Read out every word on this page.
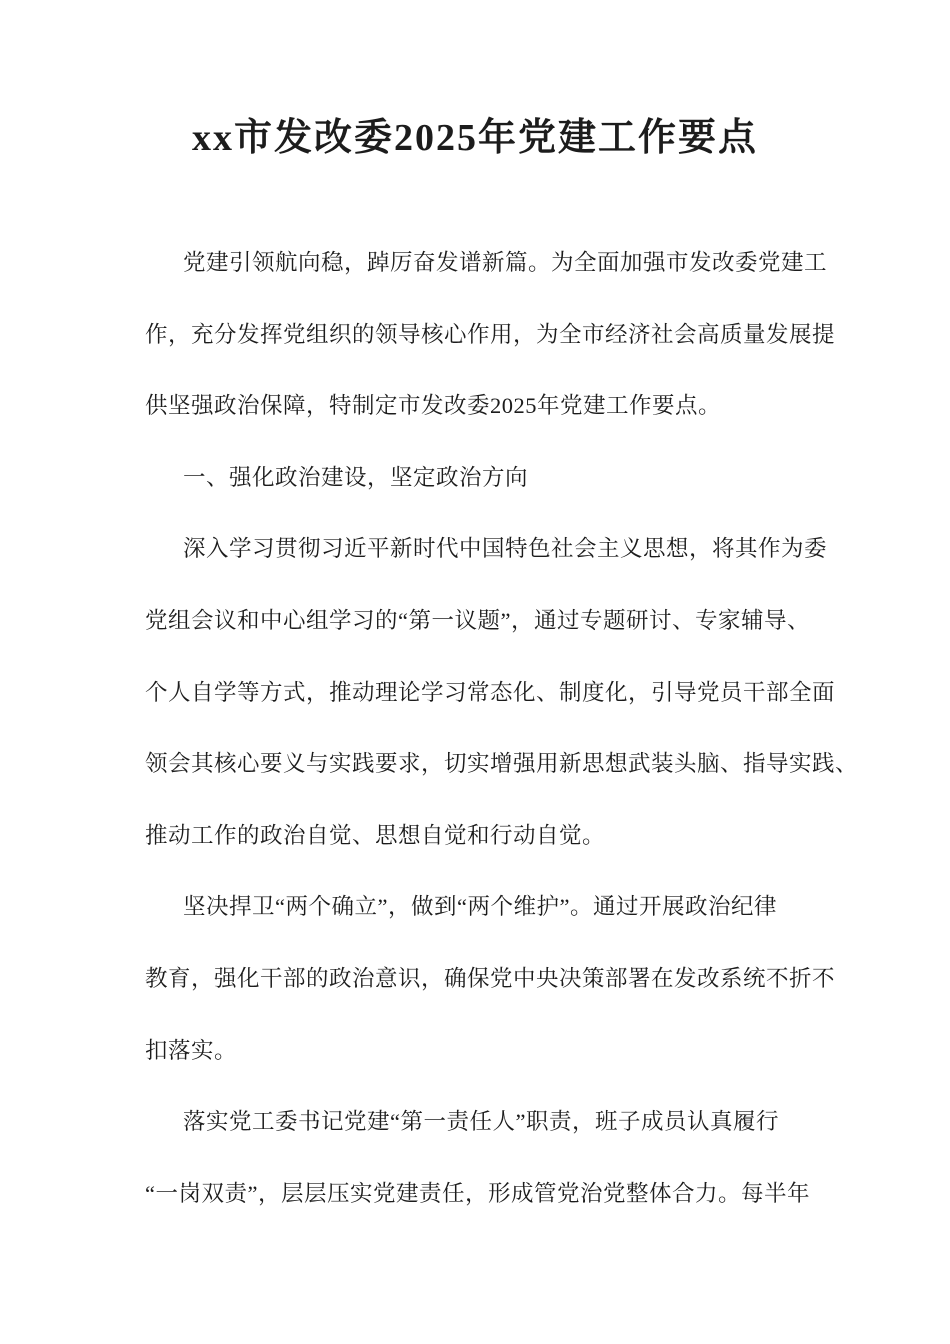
xx市发改委2025年党建工作要点

党建引领航向稳，踔厉奋发谱新篇。为全面加强市发改委党建工
作，充分发挥党组织的领导核心作用，为全市经济社会高质量发展提
供坚强政治保障，特制定市发改委2025年党建工作要点。

一、强化政治建设，坚定政治方向

深入学习贯彻习近平新时代中国特色社会主义思想，将其作为委
党组会议和中心组学习的“第一议题”，通过专题研讨、专家辅导、
个人自学等方式，推动理论学习常态化、制度化，引导党员干部全面
领会其核心要义与实践要求，切实增强用新思想武装头脑、指导实践、
推动工作的政治自觉、思想自觉和行动自觉。

坚决捍卫“两个确立”，做到“两个维护”。通过开展政治纪律
教育，强化干部的政治意识，确保党中央决策部署在发改系统不折不
扣落实。

落实党工委书记党建“第一责任人”职责，班子成员认真履行
“一岗双责”，层层压实党建责任，形成管党治党整体合力。每半年
